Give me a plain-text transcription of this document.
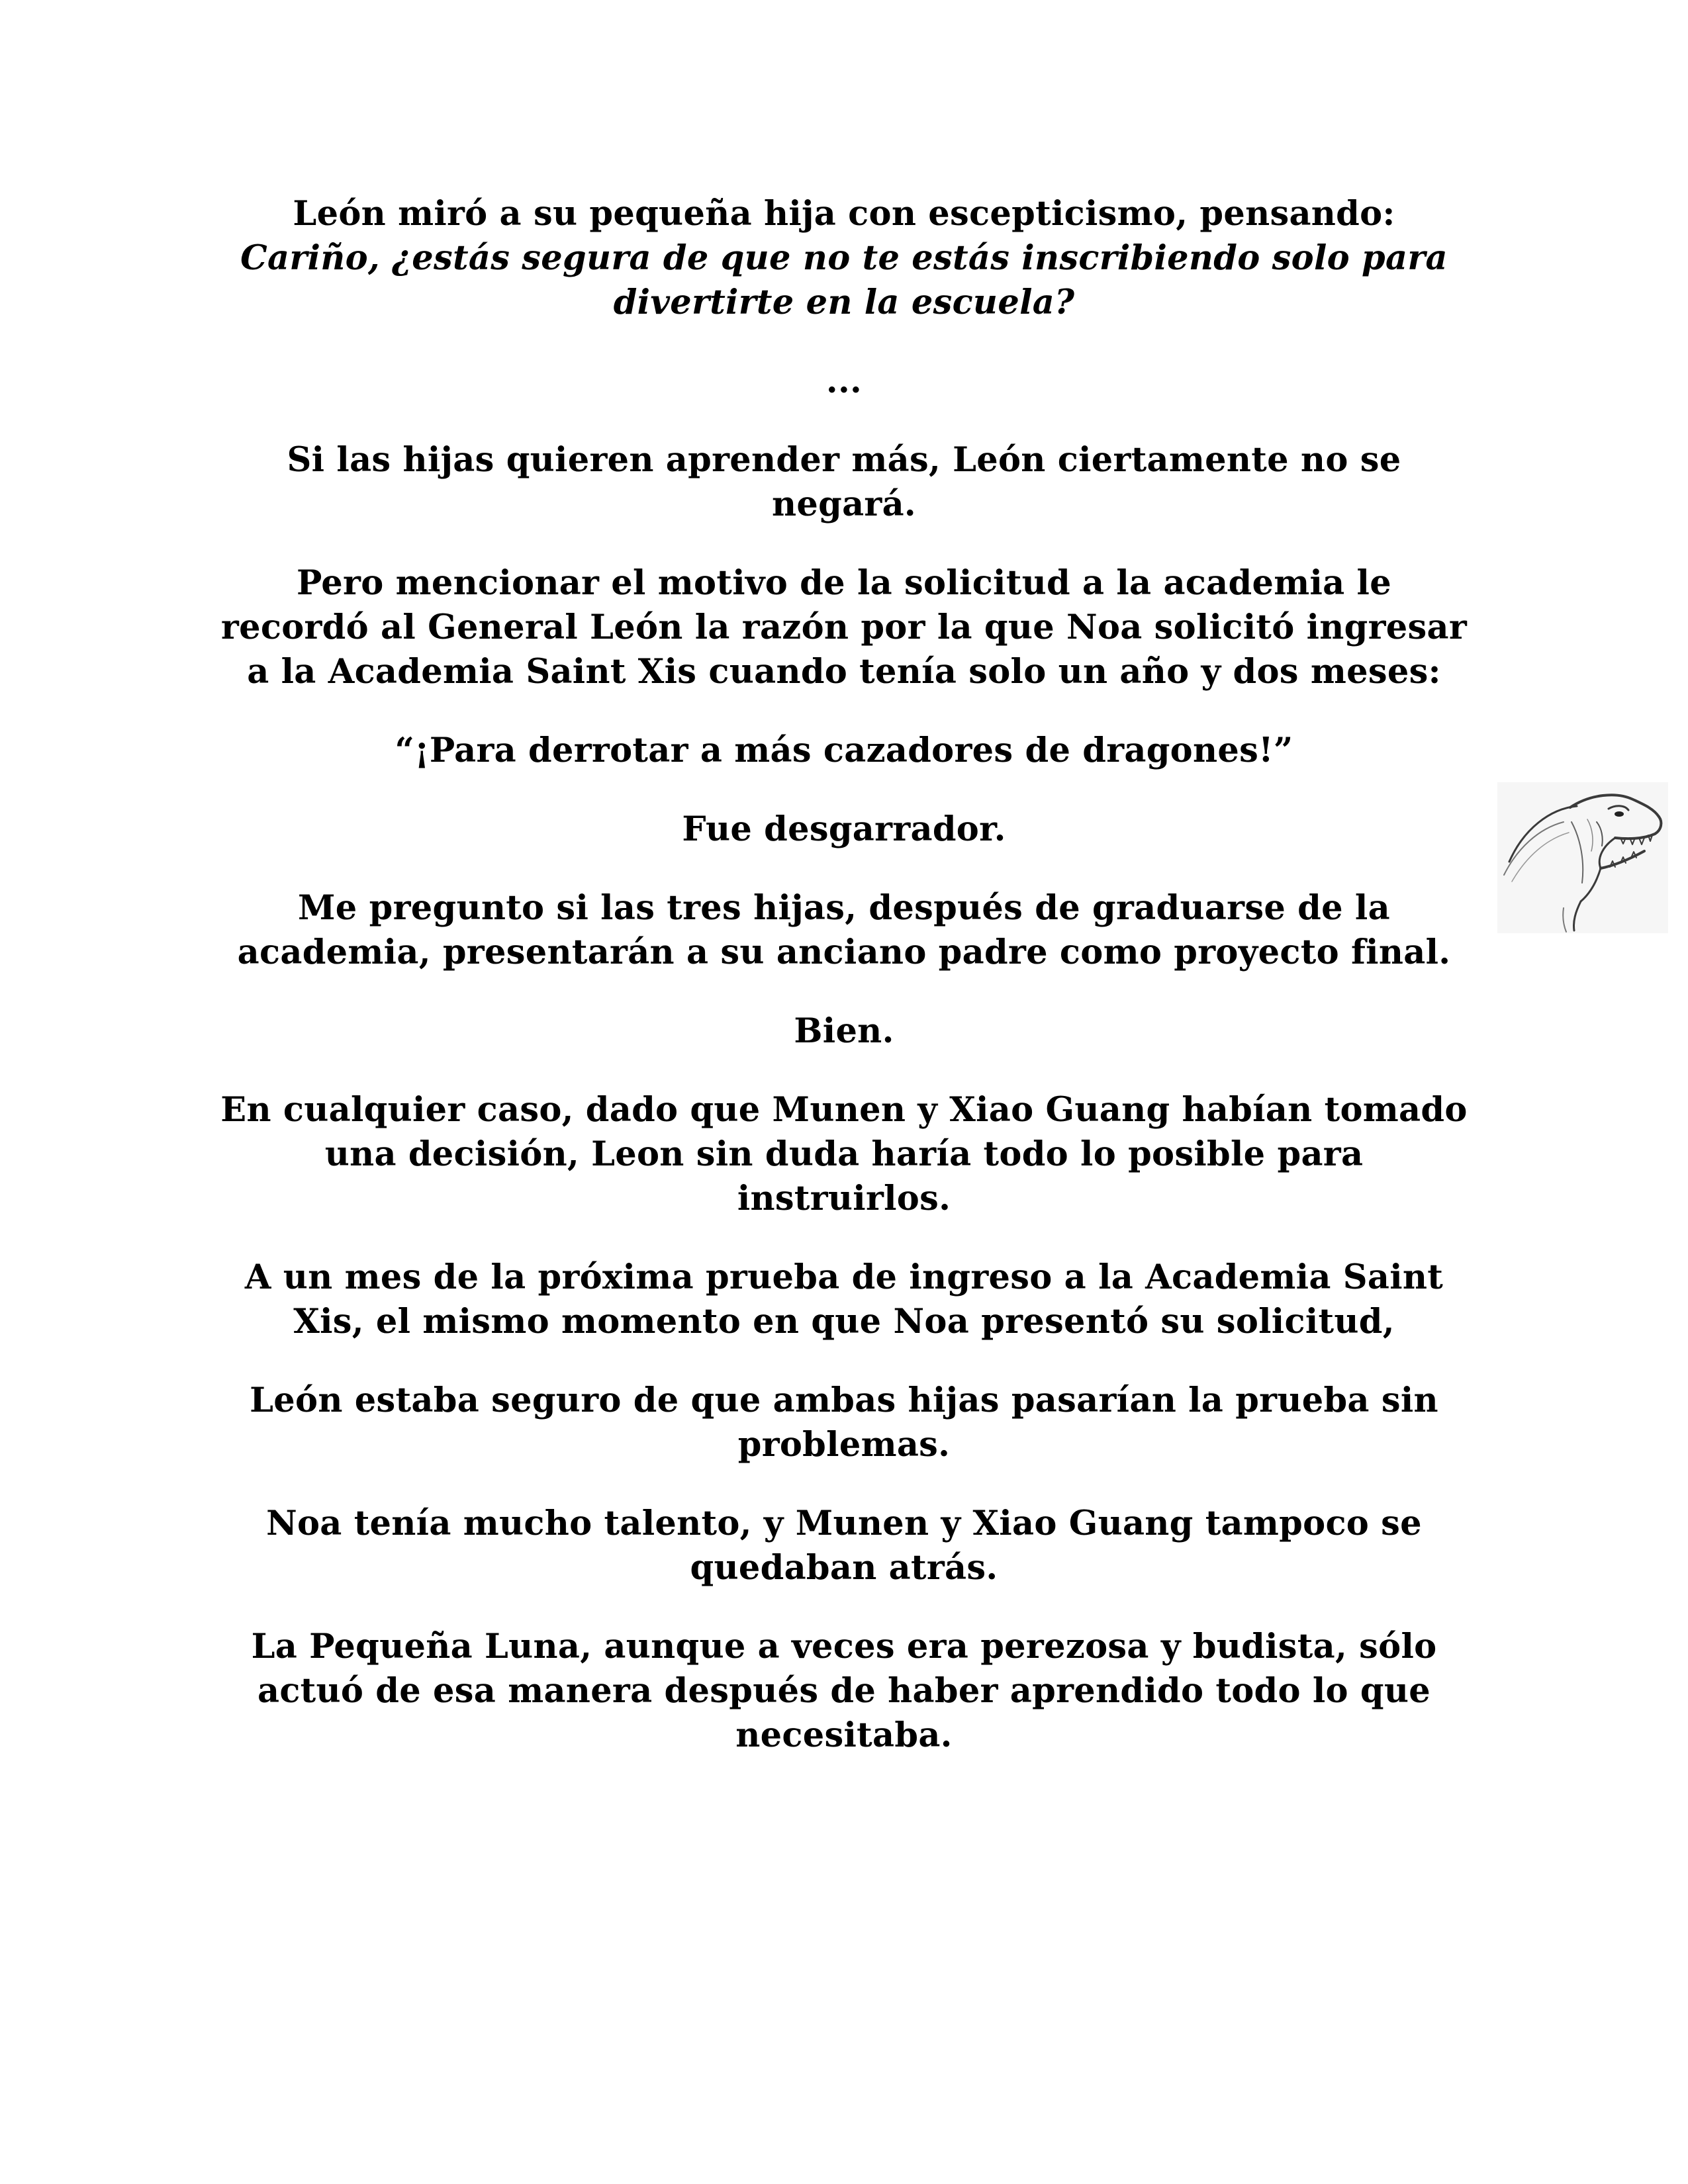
León miró a su pequeña hija con escepticismo, pensando: Cariño, ¿estás segura de que no te estás inscribiendo solo para divertirte en la escuela?

...

Si las hijas quieren aprender más, León ciertamente no se negará.

Pero mencionar el motivo de la solicitud a la academia le recordó al General León la razón por la que Noa solicitó ingresar a la Academia Saint Xis cuando tenía solo un año y dos meses:

“¡Para derrotar a más cazadores de dragones!”

Fue desgarrador.

Me pregunto si las tres hijas, después de graduarse de la academia, presentarán a su anciano padre como proyecto final.

Bien.

En cualquier caso, dado que Munen y Xiao Guang habían tomado una decisión, Leon sin duda haría todo lo posible para instruirlos.

A un mes de la próxima prueba de ingreso a la Academia Saint Xis, el mismo momento en que Noa presentó su solicitud,

León estaba seguro de que ambas hijas pasarían la prueba sin problemas.

Noa tenía mucho talento, y Munen y Xiao Guang tampoco se quedaban atrás.

La Pequeña Luna, aunque a veces era perezosa y budista, sólo actuó de esa manera después de haber aprendido todo lo que necesitaba.
